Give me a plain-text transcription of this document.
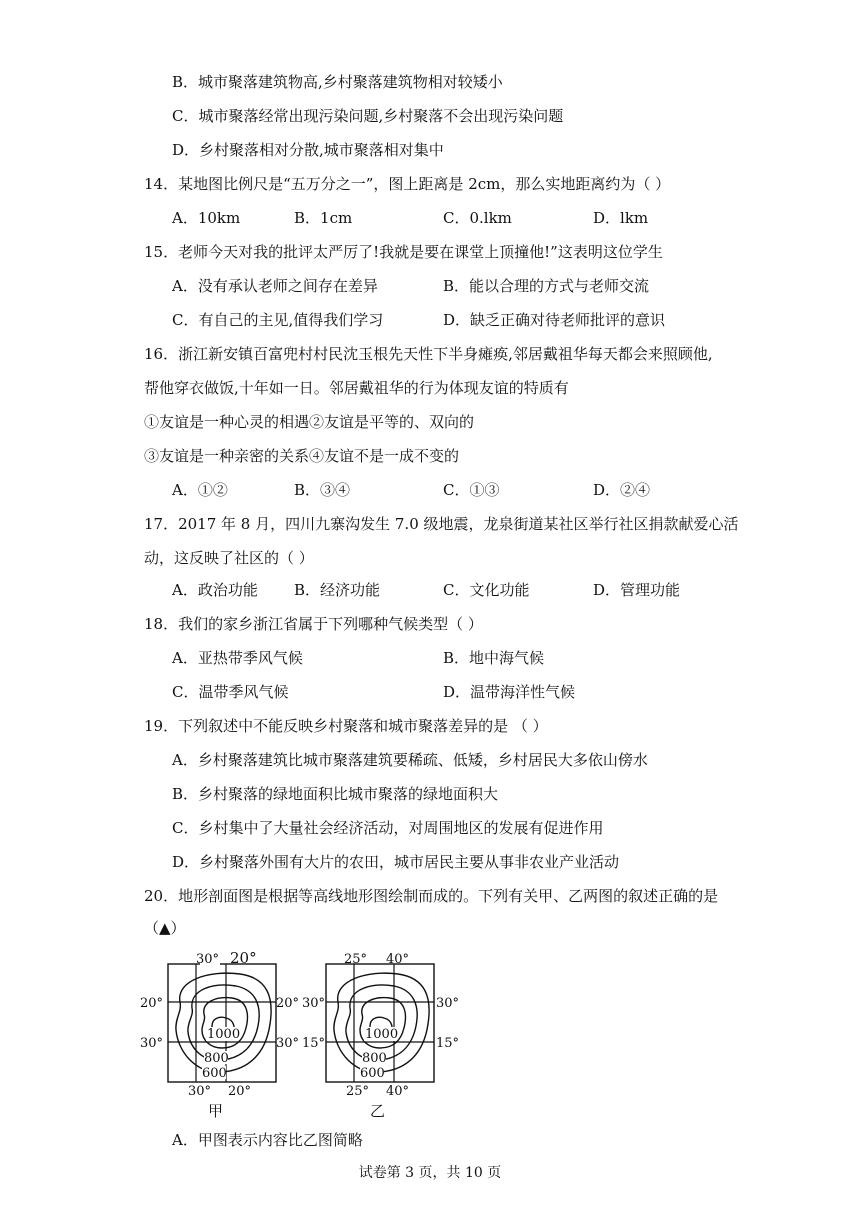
B．城市聚落建筑物高,乡村聚落建筑物相对较矮小
C．城市聚落经常出现污染问题,乡村聚落不会出现污染问题
D．乡村聚落相对分散,城市聚落相对集中
14．某地图比例尺是“五万分之一”，图上距离是 2cm，那么实地距离约为（ ）
A．10km	B．1cm	C．0.lkm	D．lkm
15．老师今天对我的批评太严厉了!我就是要在课堂上顶撞他!”这表明这位学生
A．没有承认老师之间存在差异	B．能以合理的方式与老师交流
C．有自己的主见,值得我们学习	D．缺乏正确对待老师批评的意识
16．浙江新安镇百富兜村村民沈玉根先天性下半身瘫痪,邻居戴祖华每天都会来照顾他,
帮他穿衣做饭,十年如一日。邻居戴祖华的行为体现友谊的特质有
①友谊是一种心灵的相遇②友谊是平等的、双向的
③友谊是一种亲密的关系④友谊不是一成不变的
A．①②	B．③④	C．①③	D．②④
17．2017 年 8 月，四川九寨沟发生 7.0 级地震，龙泉街道某社区举行社区捐款献爱心活
动，这反映了社区的（ ）
A．政治功能 B．经济功能	C．文化功能	D．管理功能
18．我们的家乡浙江省属于下列哪种气候类型（ ）
A．亚热带季风气候	B．地中海气候
C．温带季风气候	D．温带海洋性气候
19．下列叙述中不能反映乡村聚落和城市聚落差异的是 （ ）
A．乡村聚落建筑比城市聚落建筑要稀疏、低矮，乡村居民大多依山傍水
B．乡村聚落的绿地面积比城市聚落的绿地面积大
C．乡村集中了大量社会经济活动，对周围地区的发展有促进作用
D．乡村聚落外围有大片的农田，城市居民主要从事非农业产业活动
20．地形剖面图是根据等高线地形图绘制而成的。下列有关甲、乙两图的叙述正确的是
（▲）
30° 20°
20°
30°
20°
30°
30° 20°
1000
800
600
甲
25° 40°
30°
15°
30°
15°
25° 40°
1000
800
600
乙
A．甲图表示内容比乙图简略
试卷第 3 页，共 10 页
